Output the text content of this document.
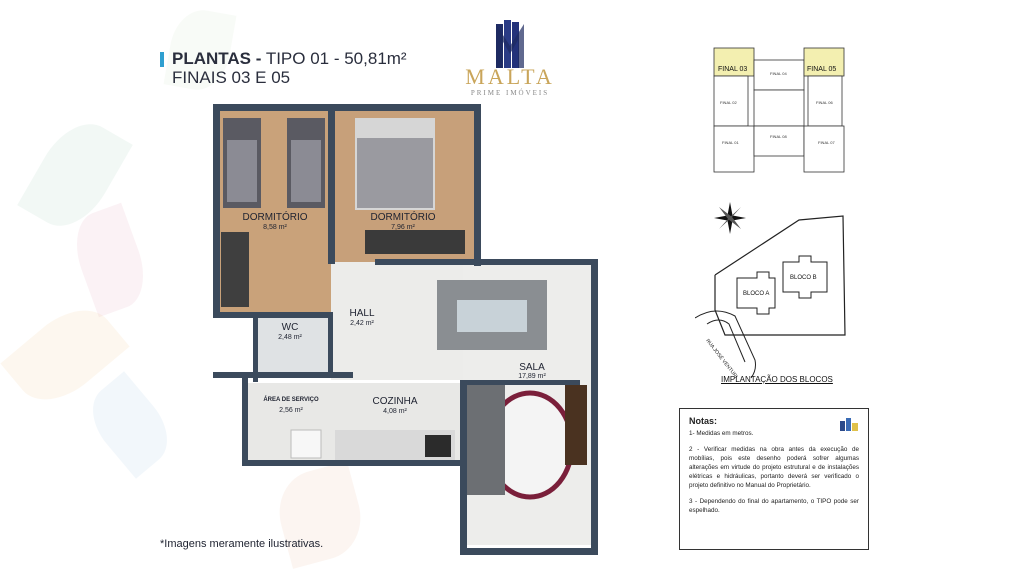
PLANTAS - TIPO 01 - 50,81m²
FINAIS 03 E 05	MALTA
PRIME IMÓVEIS
DORMITÓRIO
8,58 m²
DORMITÓRIO
7,96 m²
HALL
2,42 m²
WC
2,48 m²
SALA
17,89 m²
ÁREA DE SERVIÇO
2,56 m²
COZINHA
4,08 m²
*Imagens meramente ilustrativas.
FINAL 03
FINAL 04
FINAL 05
FINAL 02	FINAL 06
FINAL 01
FINAL 08
FINAL 07
BLOCO A
BLOCO B
RUA JOSÉ VENTURI
IMPLANTAÇÃO DOS BLOCOS
Notas:

1- Medidas em metros.

2 - Verificar medidas na obra antes da execução de mobílias, pois este desenho poderá sofrer algumas alterações em virtude do projeto estrutural e de instalações elétricas e hidráulicas, portanto deverá ser verificado o projeto definitivo no Manual do Proprietário.

3 - Dependendo do final do apartamento, o TIPO pode ser espelhado.
